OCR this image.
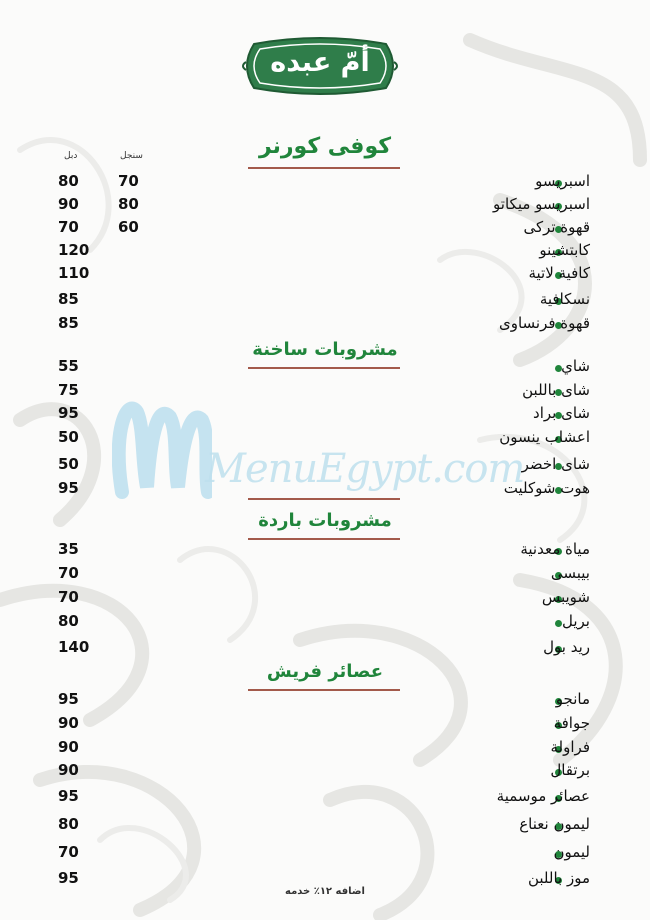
أمّ عبده
سنجل
دبل	كوفى كورنر
اسبريسو
70
80
اسبريسو ميكاتو
80
90
قهوة تركى
60
70
كابتشينو
120
كافية لاتية
110
نسكافية
85
قهوة فرنساوى
85
مشروبات ساخنة
شاي
55
شاى باللبن
75
شاى براد
95
اعشاب ينسون
50
شاى اخضر
50
هوت شوكليت
95
مشروبات باردة
مياة معدنية
35
بيبسى
70
شويبس
70
بريل
80
ريد بول
140
عصائر فريش
مانجو
95
جوافة
90
فراولة
90
برتقال
90
عصائر موسمية
95
ليمون نعناع
80
ليمون
70
موز باللبن
95
MenuEgypt.com
اضافه ١٢٪ خدمه
